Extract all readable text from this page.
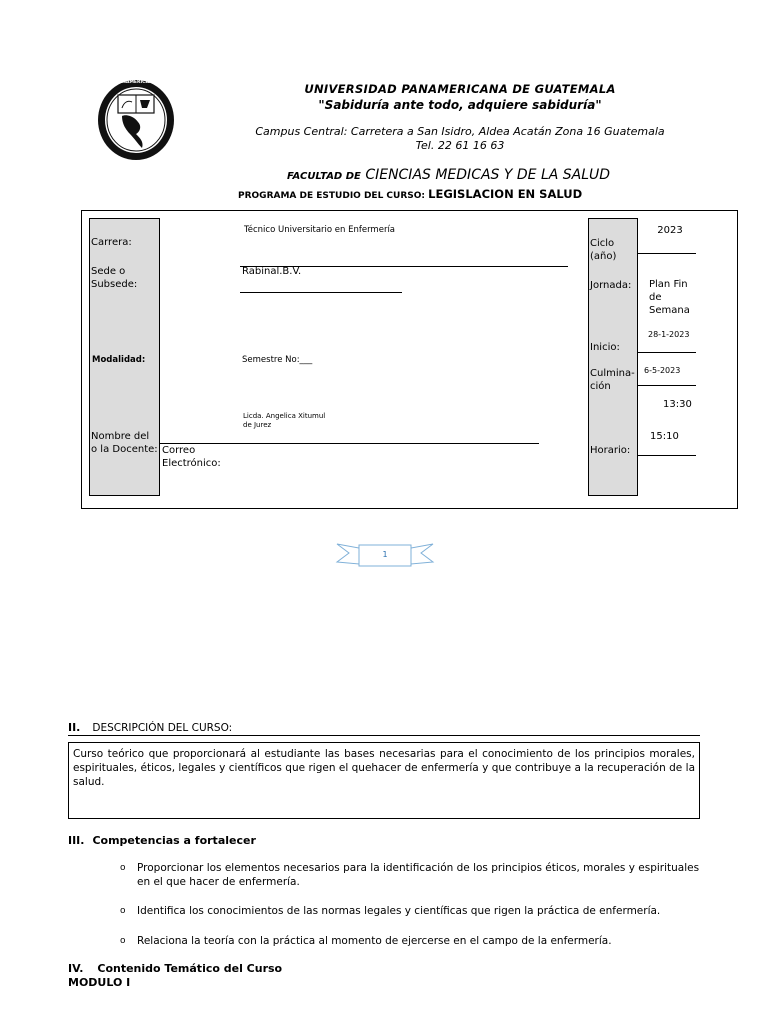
PANAMERICANA	UNIVERSIDAD PANAMERICANA DE GUATEMALA
"Sabiduría ante todo, adquiere sabiduría"
Campus Central: Carretera a San Isidro, Aldea Acatán Zona 16 Guatemala
Tel. 22 61 16 63
FACULTAD DE CIENCIAS MEDICAS Y DE LA SALUD
PROGRAMA DE ESTUDIO DEL CURSO: LEGISLACION EN SALUD
Carrera:
Sede o
Subsede:
Modalidad:
Nombre del
o la Docente:
Técnico Universitario en Enfermería
Rabinal.B.V.
Semestre No:___
Licda. Angelica Xitumul
de Jurez
Correo
Electrónico:
Ciclo
(año)
Jornada:
Inicio:
Culmina-
ción
Horario:
2023
Plan Fin
de
Semana
28-1-2023
6-5-2023
13:30
15:10
1
II. DESCRIPCIÓN DEL CURSO:
Curso teórico que proporcionará al estudiante las bases necesarias para el conocimiento de los principios morales, espirituales, éticos, legales y científicos que rigen el quehacer de enfermería y que contribuye a la recuperación de la salud.
III. Competencias a fortalecer
o Proporcionar los elementos necesarios para la identificación de los principios éticos, morales y espirituales en el que hacer de enfermería.
o Identifica los conocimientos de las normas legales y científicas que rigen la práctica de enfermería.
o Relaciona la teoría con la práctica al momento de ejercerse en el campo de la enfermería.
IV. Contenido Temático del Curso
MODULO I
